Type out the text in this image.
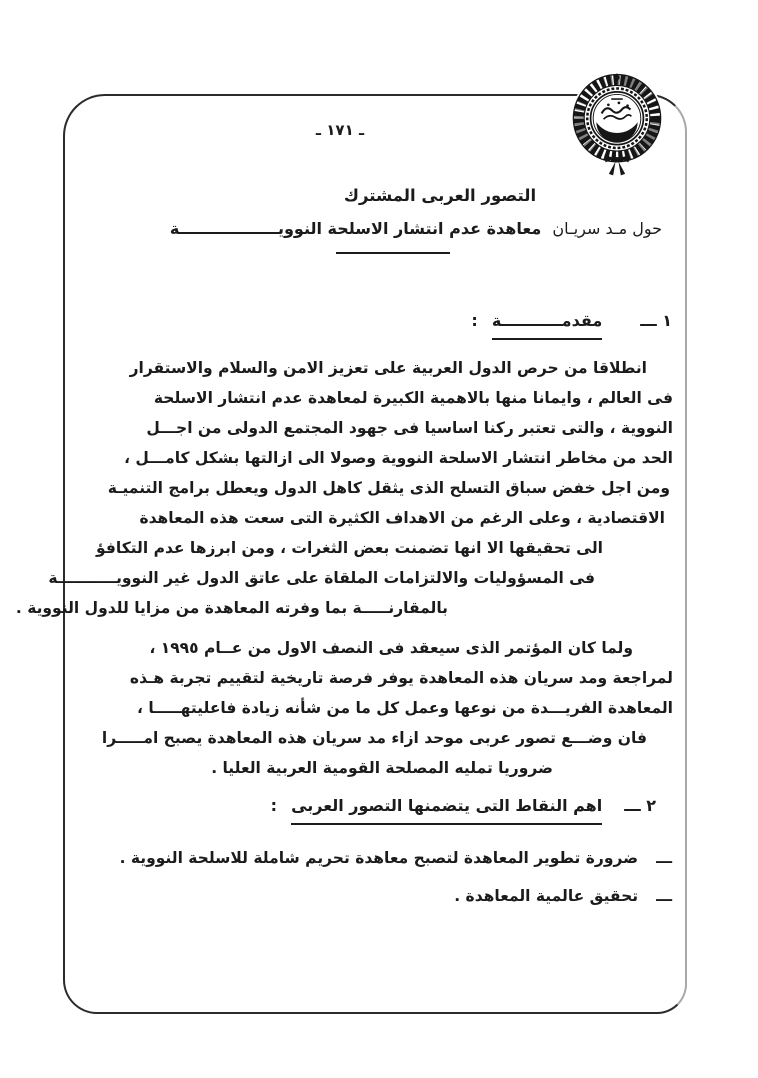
ـ ١٧١ ـ
التصور العربى المشترك
حول مـد سريـان معاهدة عدم انتشار الاسلحة النوويــــــــــــــــــة
١ ـــ
مقدمـــــــــــة
:
انطلاقا من حرص الدول العربية على تعزيز الامن والسلام والاستقرار
فى العالم ، وايمانا منها بالاهمية الكبيرة لمعاهدة عدم انتشار الاسلحة
النووية ، والتى تعتبر ركنا اساسيا فى جهود المجتمع الدولى من اجـــل
الحد من مخاطر انتشار الاسلحة النووية وصولا الى ازالتها بشكل كامـــل ،
ومن اجل خفض سباق التسلح الذى يثقل كاهل الدول ويعطل برامج التنميـة
الاقتصادية ، وعلى الرغم من الاهداف الكثيرة التى سعت هذه المعاهدة
الى تحقيقها الا انها تضمنت بعض الثغرات ، ومن ابرزها عدم التكافؤ
فى المسؤوليات والالتزامات الملقاة على عاتق الدول غير النوويـــــــــــة
بالمقارنـــــة بما وفرته المعاهدة من مزايا للدول النووية .
ولما كان المؤتمر الذى سيعقد فى النصف الاول من عــام ١٩٩٥ ،
لمراجعة ومد سريان هذه المعاهدة يوفر فرصة تاريخية لتقييم تجربة هـذه
المعاهدة الفريـــدة من نوعها وعمل كل ما من شأنه زيادة فاعليتهـــــا ،
فان وضـــع تصور عربى موحد ازاء مد سريان هذه المعاهدة يصبح امـــــرا
ضروريا تمليه المصلحة القومية العربية العليا .
٢ ـــ
اهم النقاط التى يتضمنها التصور العربى
:
ـــ
ضرورة تطوير المعاهدة لتصبح معاهدة تحريم شاملة للاسلحة النووية .
ـــ
تحقيق عالمية المعاهدة .
